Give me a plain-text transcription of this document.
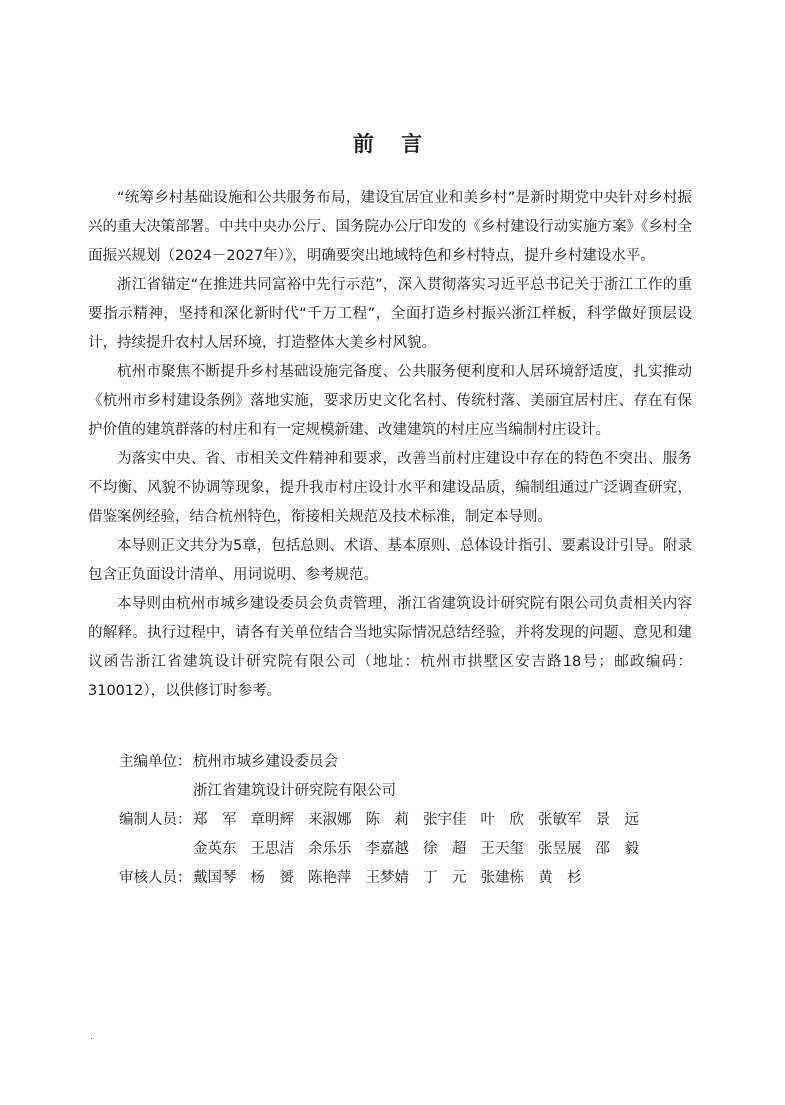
前 言

“统筹乡村基础设施和公共服务布局，建设宜居宜业和美乡村”是新时期党中央针对乡村振兴的重大决策部署。中共中央办公厅、国务院办公厅印发的《乡村建设行动实施方案》《乡村全面振兴规划（2024－2027年）》，明确要突出地域特色和乡村特点，提升乡村建设水平。

浙江省锚定“在推进共同富裕中先行示范”，深入贯彻落实习近平总书记关于浙江工作的重要指示精神，坚持和深化新时代“千万工程”，全面打造乡村振兴浙江样板，科学做好顶层设计，持续提升农村人居环境，打造整体大美乡村风貌。

杭州市聚焦不断提升乡村基础设施完备度、公共服务便利度和人居环境舒适度，扎实推动《杭州市乡村建设条例》落地实施，要求历史文化名村、传统村落、美丽宜居村庄、存在有保护价值的建筑群落的村庄和有一定规模新建、改建建筑的村庄应当编制村庄设计。

为落实中央、省、市相关文件精神和要求，改善当前村庄建设中存在的特色不突出、服务不均衡、风貌不协调等现象，提升我市村庄设计水平和建设品质，编制组通过广泛调查研究，借鉴案例经验，结合杭州特色，衔接相关规范及技术标准，制定本导则。

本导则正文共分为5章，包括总则、术语、基本原则、总体设计指引、要素设计引导。附录包含正负面设计清单、用词说明、参考规范。

本导则由杭州市城乡建设委员会负责管理，浙江省建筑设计研究院有限公司负责相关内容的解释。执行过程中，请各有关单位结合当地实际情况总结经验，并将发现的问题、意见和建议函告浙江省建筑设计研究院有限公司（地址：杭州市拱墅区安吉路18号；邮政编码：310012），以供修订时参考。

主编单位： 杭州市城乡建设委员会
浙江省建筑设计研究院有限公司
编制人员： 郑　军 章明辉 来淑娜 陈　莉 张宇佳 叶　欣 张敏军 景　远
金英东 王思洁 余乐乐 李嘉越 徐　超 王天玺 张昱展 邵　毅
审核人员： 戴国琴 杨　赟 陈艳萍 王梦婧 丁　元 张建栋 黄　杉
.
